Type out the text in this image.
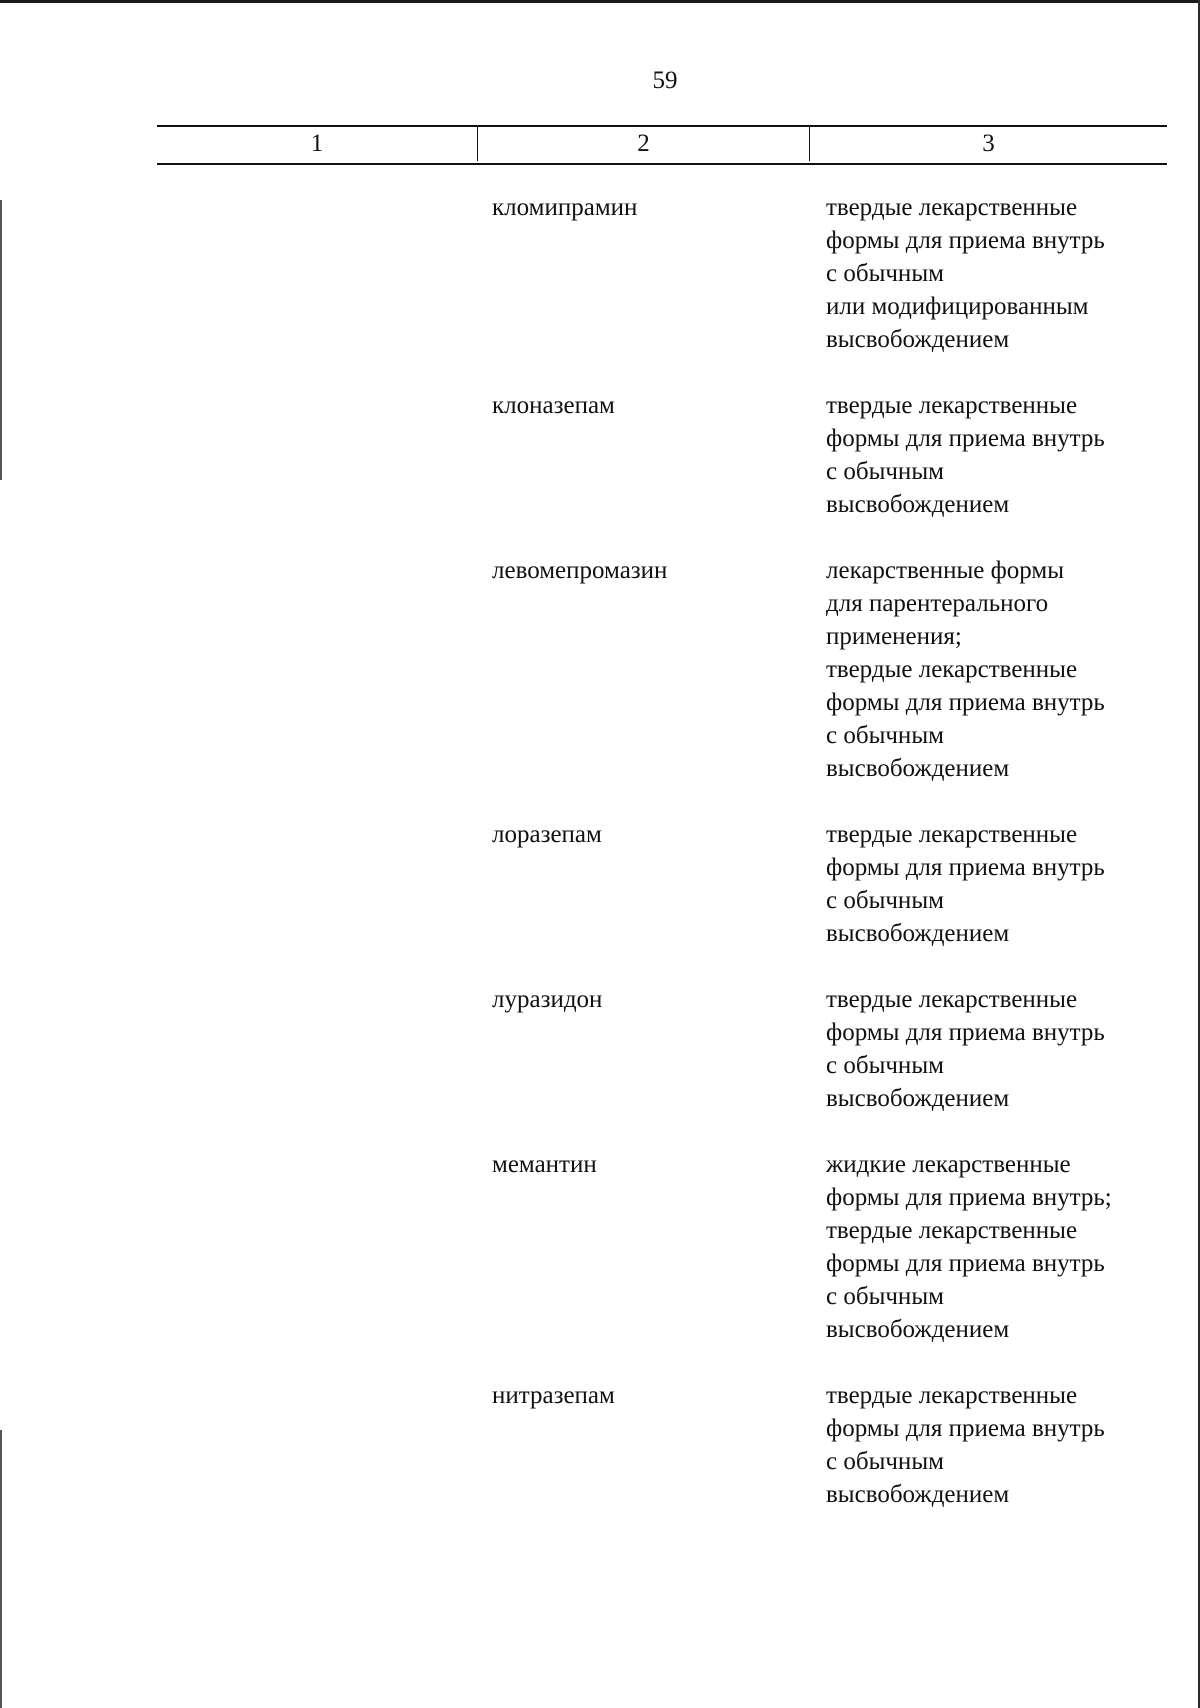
59
1	2	3
кломипрамин	твердые лекарственные
формы для приема внутрь
с обычным
или модифицированным
высвобождением
клоназепам	твердые лекарственные
формы для приема внутрь
с обычным
высвобождением
левомепромазин	лекарственные формы
для парентерального
применения;
твердые лекарственные
формы для приема внутрь
с обычным
высвобождением
лоразепам	твердые лекарственные
формы для приема внутрь
с обычным
высвобождением
луразидон	твердые лекарственные
формы для приема внутрь
с обычным
высвобождением
мемантин	жидкие лекарственные
формы для приема внутрь;
твердые лекарственные
формы для приема внутрь
с обычным
высвобождением
нитразепам	твердые лекарственные
формы для приема внутрь
с обычным
высвобождением
